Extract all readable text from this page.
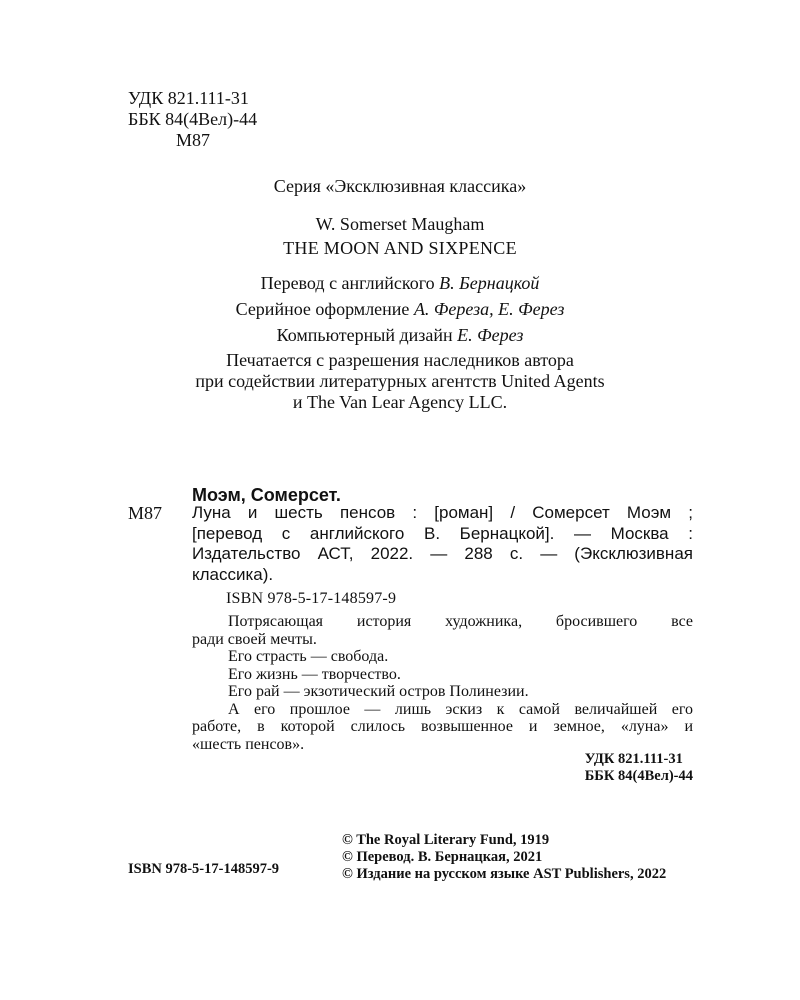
УДК 821.111-31
ББК 84(4Вел)-44
М87
Серия «Эксклюзивная классика»
W. Somerset Maugham
THE MOON AND SIXPENCE
Перевод с английского В. Бернацкой
Серийное оформление А. Фереза, Е. Ферез
Компьютерный дизайн Е. Ферез
Печатается с разрешения наследников автора
при содействии литературных агентств United Agents
и The Van Lear Agency LLC.
Моэм, Сомерсет.
М87 Луна и шесть пенсов : [роман] / Сомерсет Моэм ;
[перевод с английского В. Бернацкой]. — Москва :
Издательство АСТ, 2022. — 288 с. — (Эксклюзивная
классика).
ISBN 978-5-17-148597-9
Потрясающая история художника, бросившего все
ради своей мечты.
Его страсть — свобода.
Его жизнь — творчество.
Его рай — экзотический остров Полинезии.
А его прошлое — лишь эскиз к самой величайшей его
работе, в которой слилось возвышенное и земное, «луна» и
«шесть пенсов».
УДК 821.111-31
ББК 84(4Вел)-44
ISBN 978-5-17-148597-9
© The Royal Literary Fund, 1919
© Перевод. В. Бернацкая, 2021
© Издание на русском языке AST Publishers, 2022
